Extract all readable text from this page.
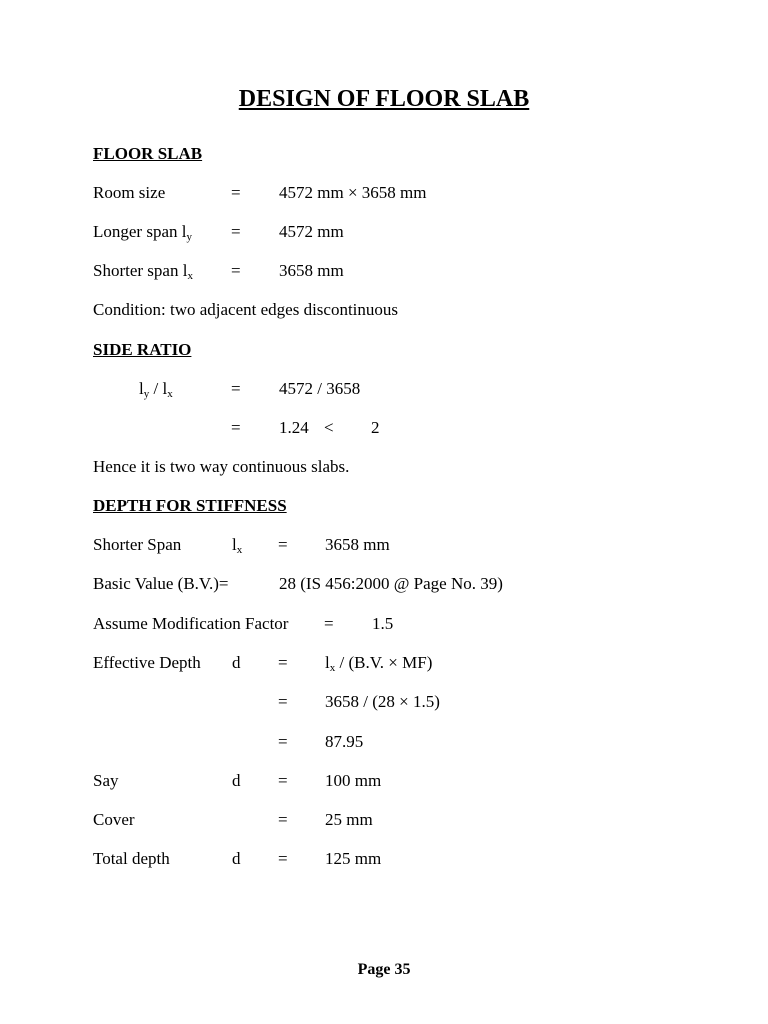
DESIGN OF FLOOR SLAB
FLOOR SLAB
Room size	= 4572 mm × 3658 mm
Longer span $l_y = 4572$ mm
Shorter span $l_x = 3658$ mm
Condition: two adjacent edges discontinuous
SIDE RATIO
$l_y / l_x$	= 4572 / 3658
= 1.24 < 2
Hence it is two way continuous slabs.
DEPTH FOR STIFFNESS
Shorter Span	$l_x = 3658$ mm
Basic Value (B.V.)=	28 (IS 456:2000 @ Page No. 39)
Assume Modification Factor = 1.5
Effective Depth $d = l_x / (B.V$. × MF)
= 3658 / (28 × 1.5)
= 87.95
Say	d = 100 mm
Cover	= 25 mm
Total depth	d = 125 mm
Page 35
